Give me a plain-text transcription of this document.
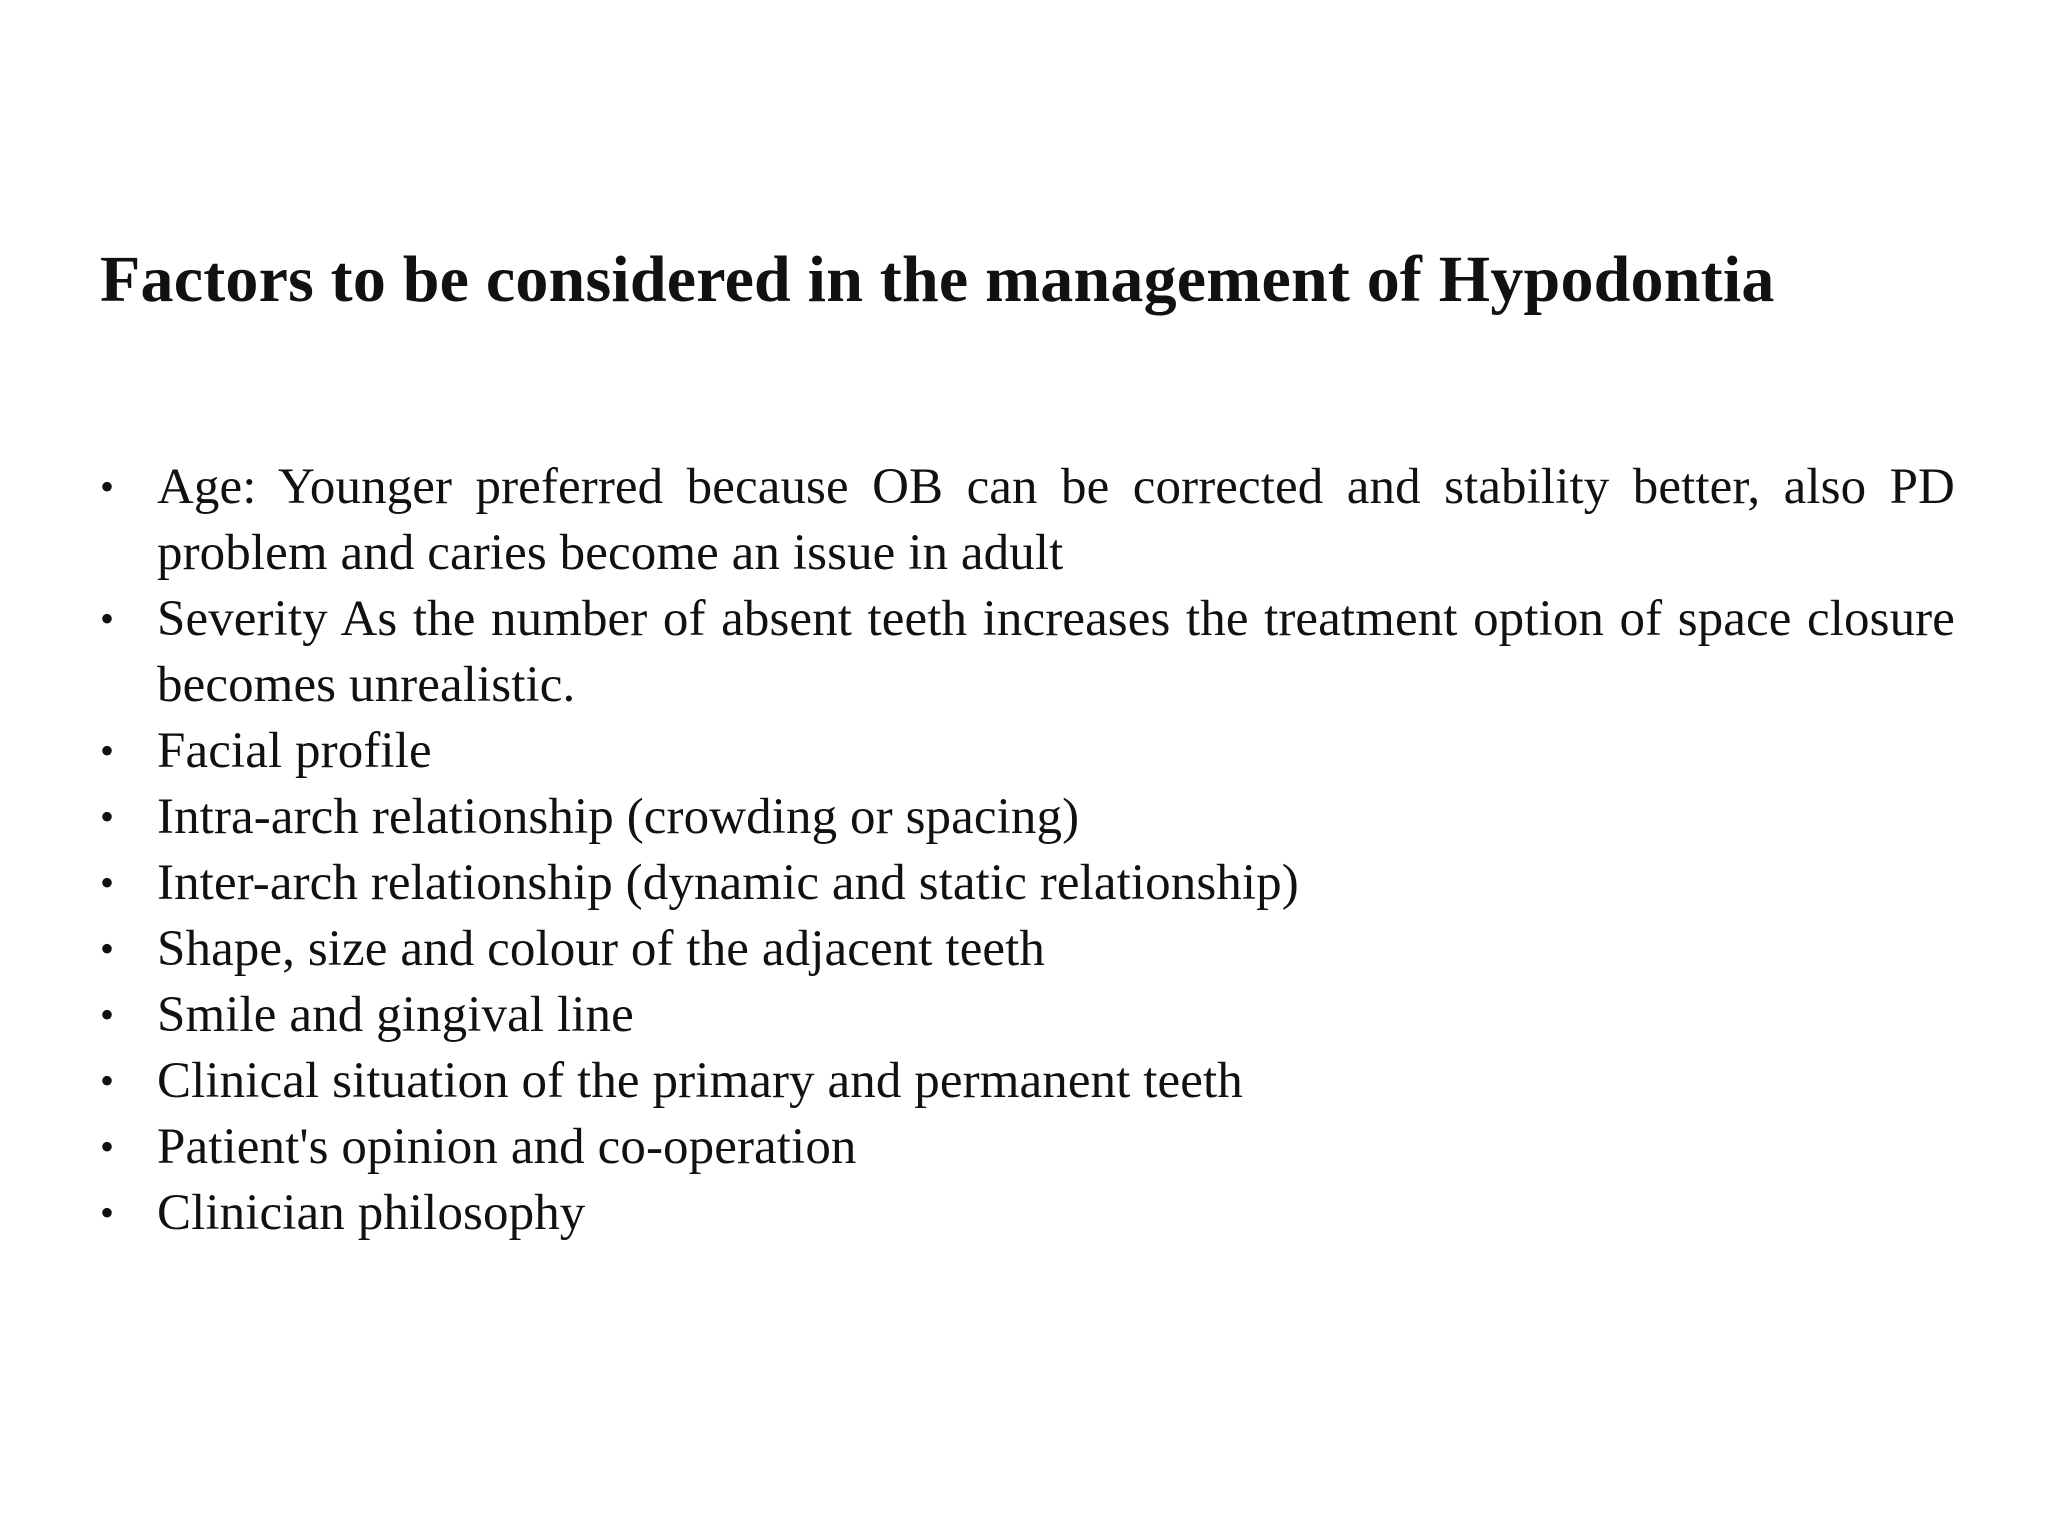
Factors to be considered in the management of Hypodontia
• Age: Younger preferred because OB can be corrected and stability better, also PD problem and caries become an issue in adult
• Severity As the number of absent teeth increases the treatment option of space closure becomes unrealistic.
• Facial profile
• Intra-arch relationship (crowding or spacing)
• Inter-arch relationship (dynamic and static relationship)
• Shape, size and colour of the adjacent teeth
• Smile and gingival line
• Clinical situation of the primary and permanent teeth
• Patient's opinion and co-operation
• Clinician philosophy
